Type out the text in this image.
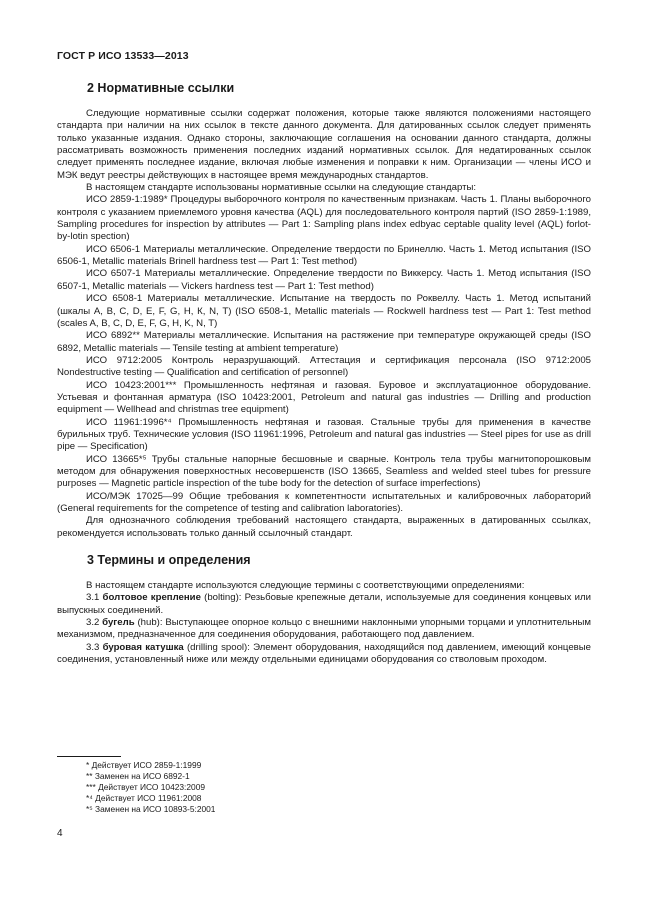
ГОСТ Р ИСО 13533—2013
2 Нормативные ссылки

Следующие нормативные ссылки содержат положения, которые также являются положениями настоящего стандарта при наличии на них ссылок в тексте данного документа. Для датированных ссылок следует применять только указанные издания. Однако стороны, заключающие соглашения на основании данного стандарта, должны рассматривать возможность применения последних изданий нормативных ссылок. Для недатированных ссылок следует применять последнее издание, включая любые изменения и поправки к ним. Организации — члены ИСО и МЭК ведут реестры действующих в настоящее время международных стандартов.

В настоящем стандарте использованы нормативные ссылки на следующие стандарты:

ИСО 2859-1:1989* Процедуры выборочного контроля по качественным признакам. Часть 1. Планы выборочного контроля с указанием приемлемого уровня качества (AQL) для последовательного контроля партий (ISO 2859-1:1989, Sampling procedures for inspection by attributes — Part 1: Sampling plans index edbyac ceptable quality level (AQL) forlot-by-lotin spection)

ИСО 6506-1 Материалы металлические. Определение твердости по Бринеллю. Часть 1. Метод испытания (ISO 6506-1, Metallic materials Brinell hardness test — Part 1: Test method)

ИСО 6507-1 Материалы металлические. Определение твердости по Виккерсу. Часть 1. Метод испытания (ISO 6507-1, Metallic materials — Vickers hardness test — Part 1: Test method)

ИСО 6508-1 Материалы металлические. Испытание на твердость по Роквеллу. Часть 1. Метод испытаний (шкалы А, В, С, D, Е, F, G, Н, К, N, Т) (ISO 6508-1, Metallic materials — Rockwell hardness test — Part 1: Test method (scales A, B, C, D, E, F, G, H, K, N, T)

ИСО 6892** Материалы металлические. Испытания на растяжение при температуре окружающей среды (ISO 6892, Metallic materials — Tensile testing at ambient temperature)

ИСО 9712:2005 Контроль неразрушающий. Аттестация и сертификация персонала (ISO 9712:2005 Nondestructive testing — Qualification and certification of personnel)

ИСО 10423:2001*** Промышленность нефтяная и газовая. Буровое и эксплуатационное оборудование. Устьевая и фонтанная арматура (ISO 10423:2001, Petroleum and natural gas industries — Drilling and production equipment — Wellhead and christmas tree equipment)

ИСО 11961:1996*⁴ Промышленность нефтяная и газовая. Стальные трубы для применения в качестве бурильных труб. Технические условия (ISO 11961:1996, Petroleum and natural gas industries — Steel pipes for use as drill pipe — Specification)

ИСО 13665*⁵ Трубы стальные напорные бесшовные и сварные. Контроль тела трубы магнитопорошковым методом для обнаружения поверхностных несовершенств (ISO 13665, Seamless and welded steel tubes for pressure purposes — Magnetic particle inspection of the tube body for the detection of surface imperfections)

ИСО/МЭК 17025—99 Общие требования к компетентности испытательных и калибровочных лабораторий (General requirements for the competence of testing and calibration laboratories).

Для однозначного соблюдения требований настоящего стандарта, выраженных в датированных ссылках, рекомендуется использовать только данный ссылочный стандарт.

3 Термины и определения

В настоящем стандарте используются следующие термины с соответствующими определениями:

3.1 болтовое крепление (bolting): Резьбовые крепежные детали, используемые для соединения концевых или выпускных соединений.

3.2 бугель (hub): Выступающее опорное кольцо с внешними наклонными упорными торцами и уплотнительным механизмом, предназначенное для соединения оборудования, работающего под давлением.

3.3 буровая катушка (drilling spool): Элемент оборудования, находящийся под давлением, имеющий концевые соединения, установленный ниже или между отдельными единицами оборудования со стволовым проходом.

* Действует ИСО 2859-1:1999
** Заменен на ИСО 6892-1
*** Действует ИСО 10423:2009
*⁴ Действует ИСО 11961:2008
*⁵ Заменен на ИСО 10893-5:2001
4
